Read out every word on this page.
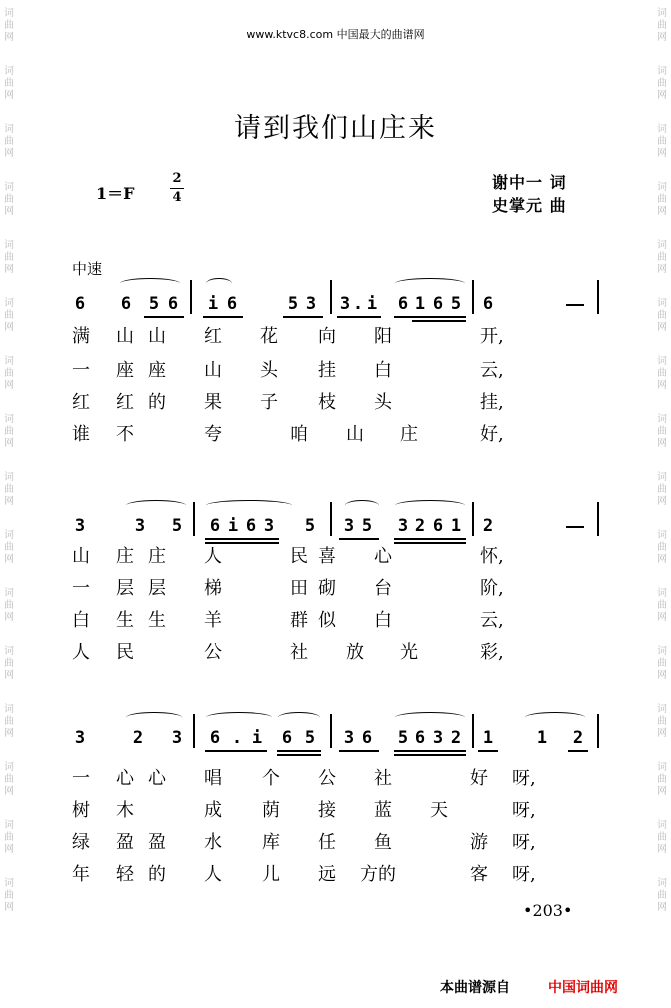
词
曲
网
词
曲
网
词
曲
网
词
曲
网
词
曲
网
词
曲
网
词
曲
网
词
曲
网
词
曲
网
词
曲
网
词
曲
网
词
曲
网
词
曲
网
词
曲
网
词
曲
网
词
曲
网
词
曲
网
词
曲
网
词
曲
网
词
曲
网
词
曲
网
词
曲
网
词
曲
网
词
曲
网
词
曲
网
词
曲
网
词
曲
网
词
曲
网
词
曲
网
词
曲
网
词
曲
网
词
曲
网
www.ktvc8.com 中国最大的曲谱网
请到我们山庄来
1＝F
2
4
谢中一 词
史掌元 曲
中速
6 6 5 6 i 6	5 3 3 . i 6 1 6 5 6
满 山 山 红 花 向 阳	开,
一 座 座 山 头 挂 白	云,
红 红 的 果 子 枝 头	挂,
谁 不	夸	咱 山 庄	好,
3	3 5 6 i 6 3 5 3 5 3 2 6 1 2
山 庄 庄 人	民 喜 心	怀,
一 层 层 梯	田 砌 台	阶,
白 生 生 羊	群 似 白	云,
人 民	公	社 放 光	彩,
3	2 3 6 . i 6 5 3 6 5 6 3 2 1	1 2
一 心 心 唱 个 公 社	好 呀,
树 木	成 荫 接 蓝 天	呀,
绿 盈 盈 水 库 任 鱼	游 呀,
年 轻 的 人 儿 远 方的	客 呀,
•203•
本曲谱源自	中国词曲网
